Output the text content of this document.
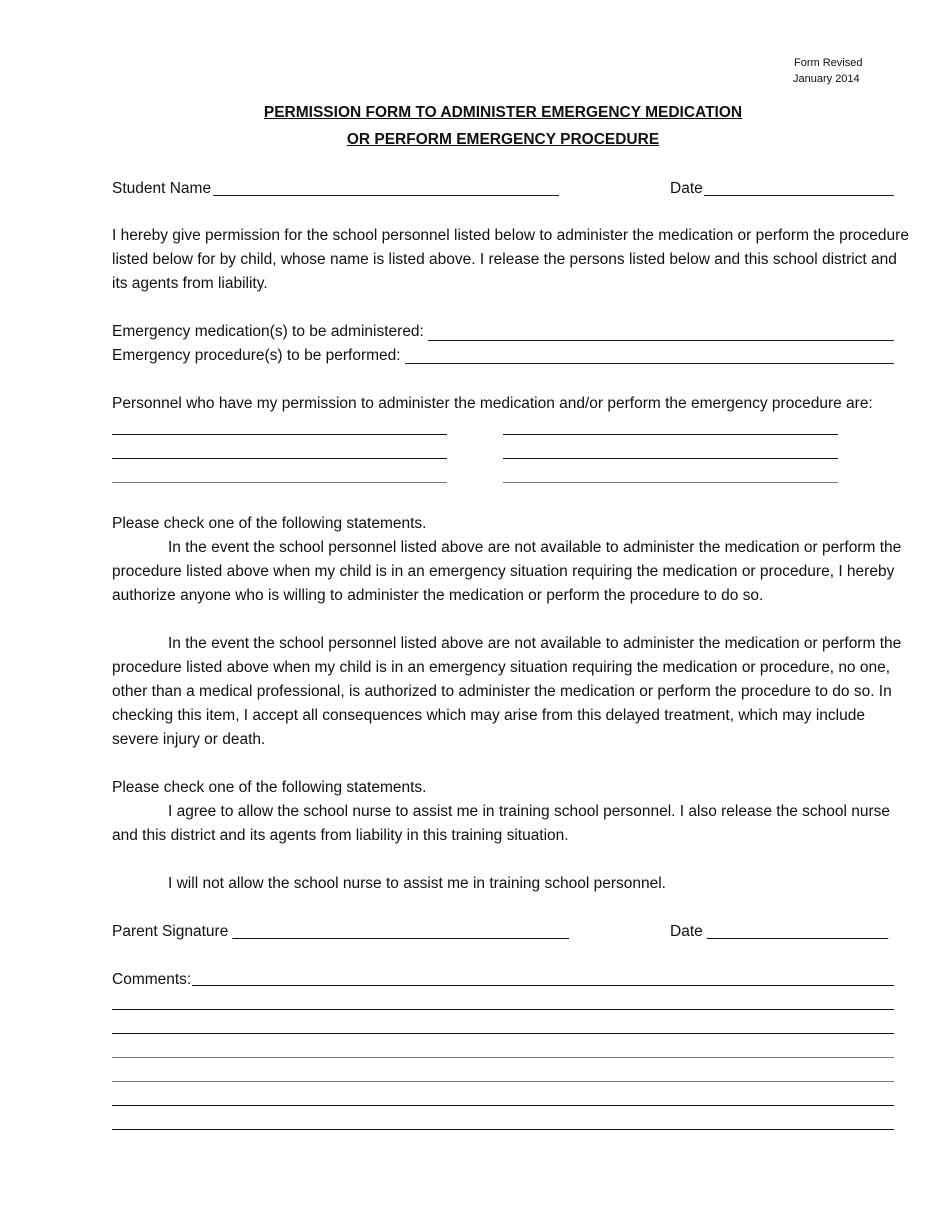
Form Revised
January 2014
PERMISSION FORM TO ADMINISTER EMERGENCY MEDICATION
OR PERFORM EMERGENCY PROCEDURE
Student Name	Date
I hereby give permission for the school personnel listed below to administer the medication or perform the procedure listed below for by child, whose name is listed above. I release the persons listed below and this school district and its agents from liability.
Emergency medication(s) to be administered:
Emergency procedure(s) to be performed:
Personnel who have my permission to administer the medication and/or perform the emergency procedure are:
Please check one of the following statements.
In the event the school personnel listed above are not available to administer the medication or perform the procedure listed above when my child is in an emergency situation requiring the medication or procedure, I hereby authorize anyone who is willing to administer the medication or perform the procedure to do so.
In the event the school personnel listed above are not available to administer the medication or perform the procedure listed above when my child is in an emergency situation requiring the medication or procedure, no one, other than a medical professional, is authorized to administer the medication or perform the procedure to do so. In checking this item, I accept all consequences which may arise from this delayed treatment, which may include severe injury or death.
Please check one of the following statements.
I agree to allow the school nurse to assist me in training school personnel. I also release the school nurse and this district and its agents from liability in this training situation.
I will not allow the school nurse to assist me in training school personnel.
Parent Signature _______________________________________	Date _____________________
Comments:
